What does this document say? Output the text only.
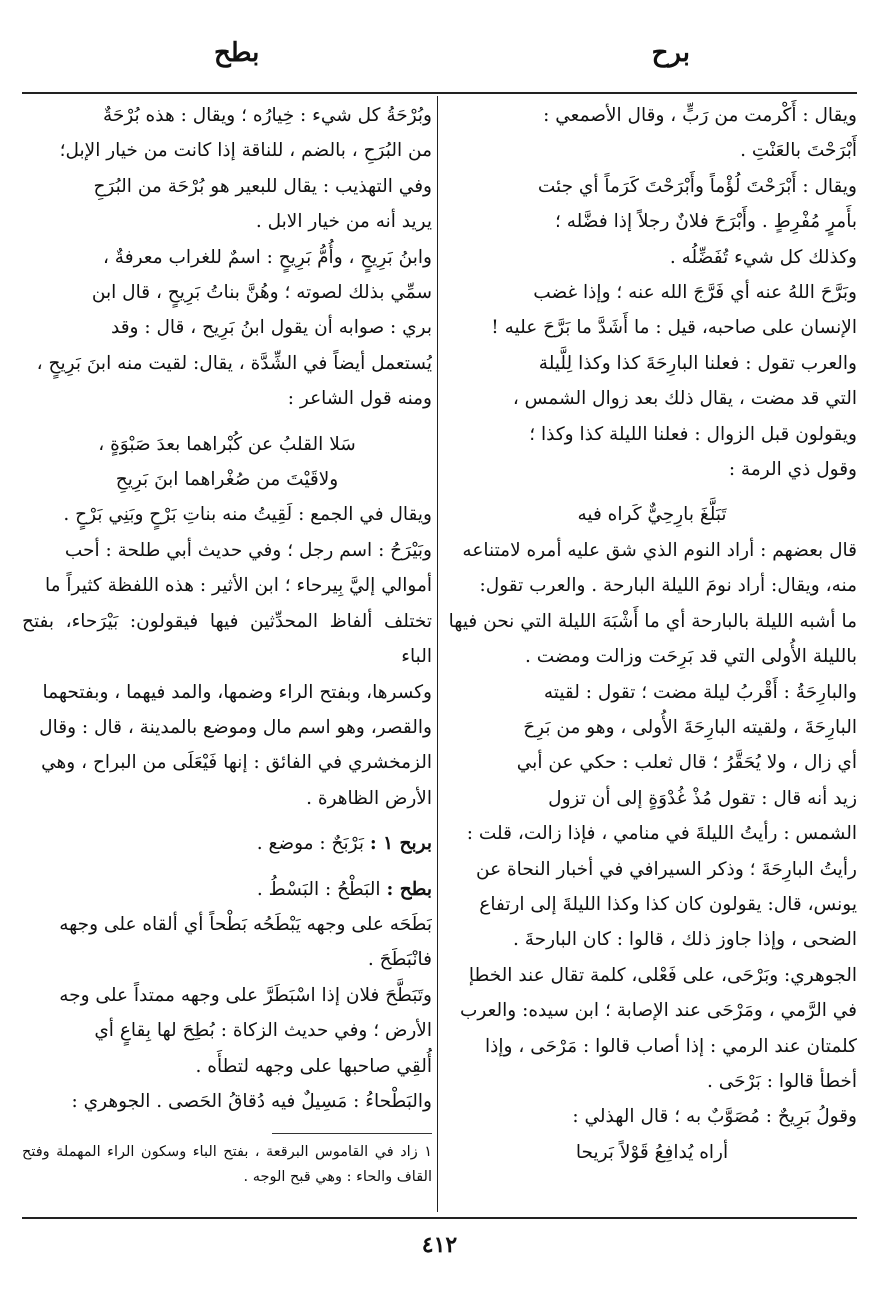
برح
بطح

ويقال : أَكْرمت من رَبٍّ ، وقال الأصمعي :

أَبْرَحْتَ بالعَنْتِ .

ويقال : أَبْرَحْتَ لُؤْماً وأَبْرَحْتَ كَرَماً أي جئت

بأَمرٍ مُفْرِطٍ . وأَبْرَحَ فلانٌ رجلاً إذا فضَّله ؛

وكذلك كل شيء تُفَضِّلُه .

وبَرَّحَ اللهُ عنه أي فَرَّجَ الله عنه ؛ وإذا غضب

الإنسان على صاحبه، قيل : ما أَشَدَّ ما بَرَّحَ عليه !

والعرب تقول : فعلنا البارِحَةَ كذا وكذا لِلَّيلة

التي قد مضت ، يقال ذلك بعد زوال الشمس ،

ويقولون قبل الزوال : فعلنا الليلة كذا وكذا ؛

وقول ذي الرمة :

تَبَلَّغَ بارِحِيٌّ كَراه فيه

قال بعضهم : أراد النوم الذي شق عليه أمره لامتناعه

منه، ويقال: أراد نومَ الليلة البارحة . والعرب تقول:

ما أشبه الليلة بالبارحة أي ما أَشْبَهَ الليلة التي نحن فيها

بالليلة الأُولى التي قد بَرِحَت وزالت ومضت .

والبارِحَةُ : أَقْربُ ليلة مضت ؛ تقول : لقيته

البارِحَةَ ، ولقيته البارِحَةَ الأُولى ، وهو من بَرِحَ

أي زال ، ولا يُحَقَّرُ ؛ قال ثعلب : حكي عن أبي

زيد أنه قال : تقول مُذْ غُدْوَةٍ إلى أن تزول

الشمس : رأيتُ الليلةَ في منامي ، فإذا زالت، قلت :

رأيتُ البارِحَةَ ؛ وذكر السيرافي في أخبار النحاة عن

يونس، قال: يقولون كان كذا وكذا الليلةَ إلى ارتفاع

الضحى ، وإذا جاوز ذلك ، قالوا : كان البارحةَ .

الجوهري: وبَرْحَى، على فَعْلى، كلمة تقال عند الخطإ

في الرَّمي ، ومَرْحَى عند الإصابة ؛ ابن سيده: والعرب

كلمتان عند الرمي : إذا أصاب قالوا : مَرْحَى ، وإذا

أخطأ قالوا : بَرْحَى .

وقولُ بَرِيحٌ : مُصَوَّبٌ به ؛ قال الهذلي :

أراه يُدافِعُ قَوْلاً بَريحا

وبُرْحَةُ كل شيء : خِيارُه ؛ ويقال : هذه بُرْحَةٌ

من البُرَحِ ، بالضم ، للناقة إذا كانت من خيار الإبل؛

وفي التهذيب : يقال للبعير هو بُرْحَة من البُرَحِ

يريد أنه من خيار الابل .

وابنُ بَرِيحٍ ، وأُمُّ بَرِيحٍ : اسمٌ للغراب معرفةٌ ،

سمِّي بذلك لصوته ؛ وهُنَّ بناتُ بَرِيحٍ ، قال ابن

بري : صوابه أن يقول ابنُ بَرِيح ، قال : وقد

يُستعمل أيضاً في الشِّدَّة ، يقال: لقيت منه ابنَ بَرِيحٍ ،

ومنه قول الشاعر :

سَلا القلبُ عن كُبْراهما بعدَ صَبْوَةٍ ،

ولاقَيْتَ من صُغْراهما ابنَ بَرِيحِ

ويقال في الجمع : لَقِيتُ منه بناتِ بَرْحٍ وبَنِي بَرْحٍ .

وبَيْرَحُ : اسم رجل ؛ وفي حديث أبي طلحة : أحب

أموالي إليَّ بِيرحاء ؛ ابن الأثير : هذه اللفظة كثيراً ما

تختلف ألفاظ المحدِّثين فيها فيقولون: بَيْرَحاء، بفتح الباء

وكسرها، وبفتح الراء وضمها، والمد فيهما ، وبفتحهما

والقصر، وهو اسم مال وموضع بالمدينة ، قال : وقال

الزمخشري في الفائق : إنها فَيْعَلَى من البراح ، وهي

الأرض الظاهرة .

بربح ١ : بَرْبَحٌ : موضع .

بطح : البَطْحُ : البَسْطُ .

بَطَحَه على وجهه يَبْطَحُه بَطْحاً أي ألقاه على وجهه

فانْبَطَحَ .

وتَبَطَّحَ فلان إذا اسْبَطَرَّ على وجهه ممتداً على وجه

الأرض ؛ وفي حديث الزكاة : بُطِحَ لها بِقاعٍ أي

أُلقِي صاحبها على وجهه لتطأَه .

والبَطْحاءُ : مَسِيلٌ فيه دُقاقُ الحَصى . الجوهري :

١ زاد في القاموس البرقعة ، بفتح الباء وسكون الراء المهملة وفتح القاف والحاء : وهي قبح الوجه .

٤١٢
